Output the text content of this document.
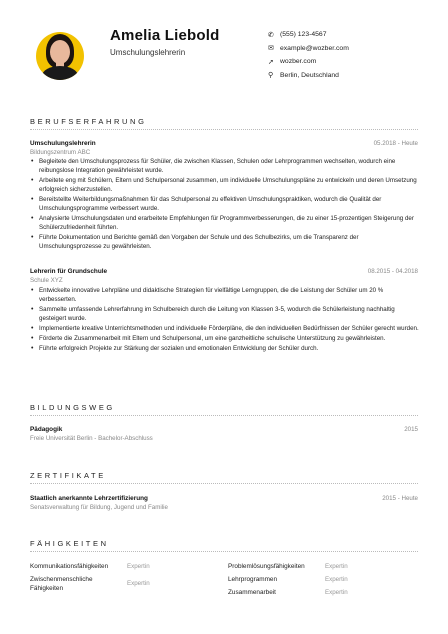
Amelia Liebold
Umschulungslehrerin
✆ (555) 123-4567
✉ example@wozber.com
➚ wozber.com
⚲	Berlin, Deutschland
BERUFSERFAHRUNG
Umschulungslehrerin	05.2018 - Heute
Bildungszentrum ABC
• Begleitete den Umschulungsprozess für Schüler, die zwischen Klassen, Schulen oder Lehrprogrammen wechselten, wodurch eine reibungslose Integration gewährleistet wurde.
• Arbeitete eng mit Schülern, Eltern und Schulpersonal zusammen, um individuelle Umschulungspläne zu entwickeln und deren Umsetzung erfolgreich sicherzustellen.
• Bereitstellte Weiterbildungsmaßnahmen für das Schulpersonal zu effektiven Umschulungspraktiken, wodurch die Qualität der Umschulungsprogramme verbessert wurde.
• Analysierte Umschulungsdaten und erarbeitete Empfehlungen für Programmverbesserungen, die zu einer 15-prozentigen Steigerung der Schülerzufriedenheit führten.
• Führte Dokumentation und Berichte gemäß den Vorgaben der Schule und des Schulbezirks, um die Transparenz der Umschulungsprozesse zu gewährleisten.
Lehrerin für Grundschule	08.2015 - 04.2018
Schule XYZ
• Entwickelte innovative Lehrpläne und didaktische Strategien für vielfältige Lerngruppen, die die Leistung der Schüler um 20 % verbesserten.
• Sammelte umfassende Lehrerfahrung im Schulbereich durch die Leitung von Klassen 3-5, wodurch die Schülerleistung nachhaltig gesteigert wurde.
• Implementierte kreative Unterrichtsmethoden und individuelle Förderpläne, die den individuellen Bedürfnissen der Schüler gerecht wurden.
• Förderte die Zusammenarbeit mit Eltern und Schulpersonal, um eine ganzheitliche schulische Unterstützung zu gewährleisten.
• Führte erfolgreich Projekte zur Stärkung der sozialen und emotionalen Entwicklung der Schüler durch.
BILDUNGSWEG
Pädagogik	2015
Freie Universität Berlin - Bachelor-Abschluss
ZERTIFIKATE
Staatlich anerkannte Lehrzertifizierung	2015 - Heute
Senatsverwaltung für Bildung, Jugend und Familie
FÄHIGKEITEN
Kommunikationsfähigkeiten	Expertin
Zwischenmenschliche Fähigkeiten
Expertin
Problemlösungsfähigkeiten	Expertin
Lehrprogrammen	Expertin
Zusammenarbeit	Expertin
